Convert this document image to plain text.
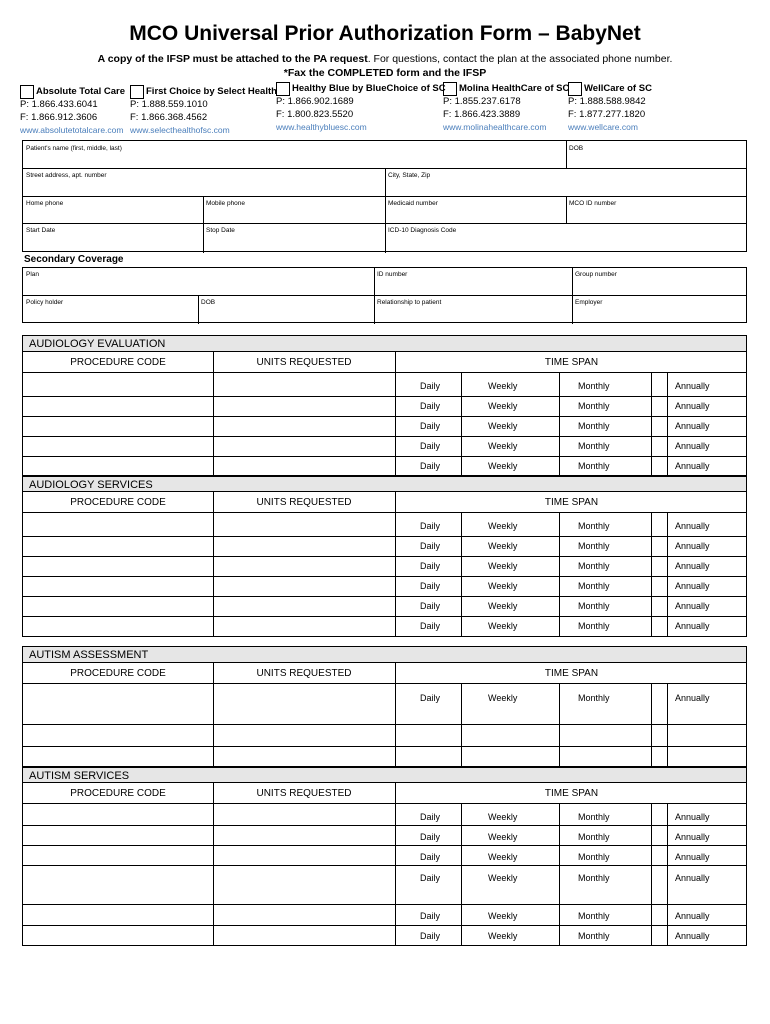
MCO Universal Prior Authorization Form – BabyNet
A copy of the IFSP must be attached to the PA request. For questions, contact the plan at the associated phone number.
*Fax the COMPLETED form and the IFSP
Absolute Total Care
P: 1.866.433.6041
F: 1.866.912.3606
www.absolutetotalcare.com
First Choice by Select Health
P: 1.888.559.1010
F: 1.866.368.4562
www.selecthealthofsc.com
Healthy Blue by BlueChoice of SC
P: 1.866.902.1689
F: 1.800.823.5520
www.healthybluesc.com
Molina HealthCare of SC
P: 1.855.237.6178
F: 1.866.423.3889
www.molinahealthcare.com
WellCare of SC
P: 1.888.588.9842
F: 1.877.277.1820
www.wellcare.com
Patient's name (first, middle, last)	DOB
Street address, apt. number	City, State, Zip
Home phone	Mobile phone	Medicaid number	MCO ID number
Start Date	Stop Date	ICD-10 Diagnosis Code
Secondary Coverage
Plan	ID number	Group number
Policy holder	DOB	Relationship to patient	Employer
AUDIOLOGY EVALUATION
PROCEDURE CODE	UNITS REQUESTED	TIME SPAN
Daily	Weekly	Monthly	Annually
Daily	Weekly	Monthly	Annually
Daily	Weekly	Monthly	Annually
Daily	Weekly	Monthly	Annually
Daily	Weekly	Monthly	Annually
AUDIOLOGY SERVICES
PROCEDURE CODE	UNITS REQUESTED	TIME SPAN
Daily	Weekly	Monthly	Annually
Daily	Weekly	Monthly	Annually
Daily	Weekly	Monthly	Annually
Daily	Weekly	Monthly	Annually
Daily	Weekly	Monthly	Annually
Daily	Weekly	Monthly	Annually
AUTISM ASSESSMENT
PROCEDURE CODE	UNITS REQUESTED	TIME SPAN
Daily	Weekly	Monthly	Annually
AUTISM SERVICES
PROCEDURE CODE	UNITS REQUESTED	TIME SPAN
Daily	Weekly	Monthly	Annually
Daily	Weekly	Monthly	Annually
Daily	Weekly	Monthly	Annually
Daily	Weekly	Monthly	Annually
Daily	Weekly	Monthly	Annually
Daily	Weekly	Monthly	Annually
